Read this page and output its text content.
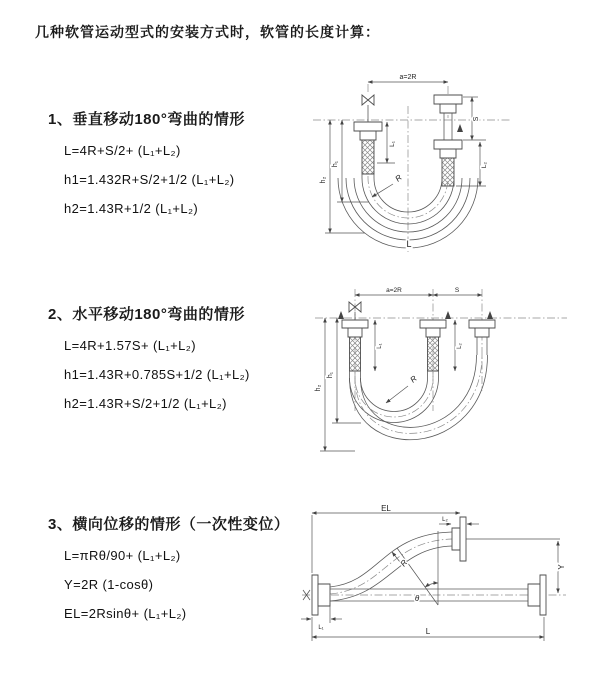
几种软管运动型式的安装方式时，软管的长度计算：
1、垂直移动180°弯曲的情形
L=4R+S/2+ (L₁+L₂)
h1=1.432R+S/2+1/2 (L₁+L₂)
h2=1.43R+1/2 (L₁+L₂)
2、水平移动180°弯曲的情形
L=4R+1.57S+ (L₁+L₂)
h1=1.43R+0.785S+1/2 (L₁+L₂)
h2=1.43R+S/2+1/2 (L₁+L₂)
3、横向位移的情形（一次性变位）
L=πRθ/90+ (L₁+L₂)
Y=2R (1-cosθ)
EL=2Rsinθ+ (L₁+L₂)
a=2R
h₂
h₁
L₁
S
L₂
R
L
a=2R	S
h₂
h₁
L₁	L₂
R
EL
L₂
L
L₁
Y
θ
R
